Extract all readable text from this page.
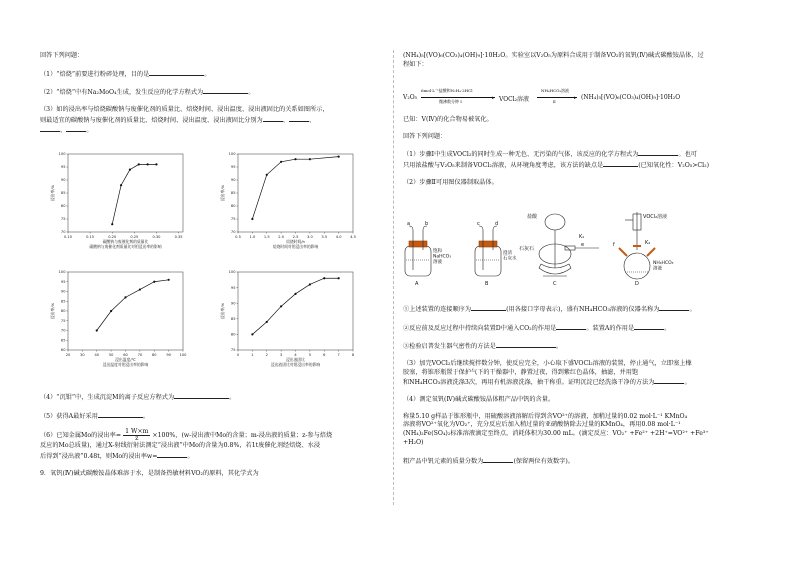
回答下列问题：

（1）“焙烧”前要进行粉碎处理，目的是	。

（2）“焙烧”中有Na₂MoO₄生成，发生反应的化学方程式为	。

（3）如的浸出率与焙烧碳酸钠与废催化剂的质量比、焙烧时间、浸出温度、浸出液固比的关系如图所示，
则最适宜的碳酸钠与废催化剂的质量比、焙烧时间、浸出温度、浸出液固比分别为	、	、
、	。

0.10	0.15	0.20	0.25	0.30	0.35
70
75
80
85
90
95
100
浸出率/%
碳酸钠与废催化剂的质量比
碳酸钠与废催化剂质量比对钼浸出率的影响
0.5 1.0 1.5 2.0 2.5 3.0 3.5 4.0 4.5
70
75
80
85
90
95
100
浸出率/%
焙烧时间/h
焙烧时间对钼浸出率的影响
20	30	40	50	60	70	80	90 100
60
65
70
75
80
85
90
95
100
浸出率/%
浸出温度/℃
浸出温度对钼浸出率的影响
0	1	2	3	4	5	6	7	8
75
80
85
90
95
100
浸出率/%
浸出液固比
浸出液固比对钼浸出率的影响

（4）“沉钼”中，生成沉淀M的离子反应方程式为	。

（5）获得A最好采用	。

（6）已知金属Mo的浸出率= $\frac{1 W\times m}{z} \times 100\%$，(w-浸出液中Mo的含量；m-浸出液的质量；z-参与焙烧
反应的Mo总质量)，通过X-射线衍射法测定“浸出液”中Mo的含量为0.8%，若1t废催化剂经焙烧、水浸
后得到“浸出液”0.48t，则Mo的浸出率w=	。

9．氧钒(Ⅳ)碱式碳酸铵晶体难溶于水，是制备热敏材料VO₂的原料，其化学式为

(NH₄)₅[(VO)₆(CO₃)₄(OH)₉]·10H₂O。实验室以V₂O₅为原料合成用于制备VO₂的氧钒(Ⅳ)碱式碳酸铵晶体，过
程如下：

V₂O₅
6mol·L⁻¹盐酸和N₂H₄·2HCl
▸
微沸数分钟 Ⅰ	VOCl₂溶液
NH₄HCO₃溶液
▸
Ⅱ
(NH₄)₅[(VO)₆(CO₃)₄(OH)₉]·10H₂O

已知：V(Ⅳ)的化合物易被氧化。

回答下列问题：

（1）步骤Ⅰ中生成VOCl₂的同时生成一种无色、无污染的气体，该反应的化学方程式为	。也可
只用浓盐酸与V₂O₅来制备VOCl₂溶液，从环境角度考虑，该方法的缺点是	(已知氧化性：V₂O₅>Cl₂)

（2）步骤Ⅱ可用图仪器制取晶体。

a	b	c	d
e	f
K₁
K₂
A	B	C	D
盐酸
石灰石
VOCl₂溶液
饱和 NaHCO₃ 溶液
澄清石灰水
NH₄HCO₃ 溶液

①上述装置的连接顺序为	(用各接口字母表示)，盛有NH₄HCO₃溶液的仪器名称为	。

②反应前及反应过程中持续向装置D中通入CO₂的作用是	。装置A的作用是	。

③检验启普发生器气密性的方法是	。

（3）加完VOCl₂后继续搅拌数分钟，使反应完全，小心取下盛VOCl₂溶液的装置，停止通气，立即塞上橡
胶塞，将锥形瓶置于保护气下的干燥器中，静置过夜，得到紫红色晶体，抽滤，并用饱
和NH₄HCO₃溶液洗涤3次，再用有机溶液洗涤，抽干称重。证明沉淀已经洗涤干净的方法为	。

（4）测定氧钒(Ⅳ)碱式碳酸铵晶体粗产品中钒的含量。

称量5.10 g样品于锥形瓶中，用硫酸溶液溶解后得到含VO²⁺的溶液，加稍过量的0.02 mol·L⁻¹ KMnO₄
溶液将VO²⁺氧化为VO₂⁺，充分反应后加入稍过量的亚硝酸钠除去过量的KMnO₄，再用0.08 mol·L⁻¹
(NH₄)₂Fe(SO₄)₂标准溶液滴定至终点，消耗体积为30.00 mL。(滴定反应：VO₂⁺ +Fe²⁺ +2H⁺=VO²⁺ +Fe³⁺
+H₂O)

粗产品中钒元素的质量分数为	(保留两位有效数字)。
